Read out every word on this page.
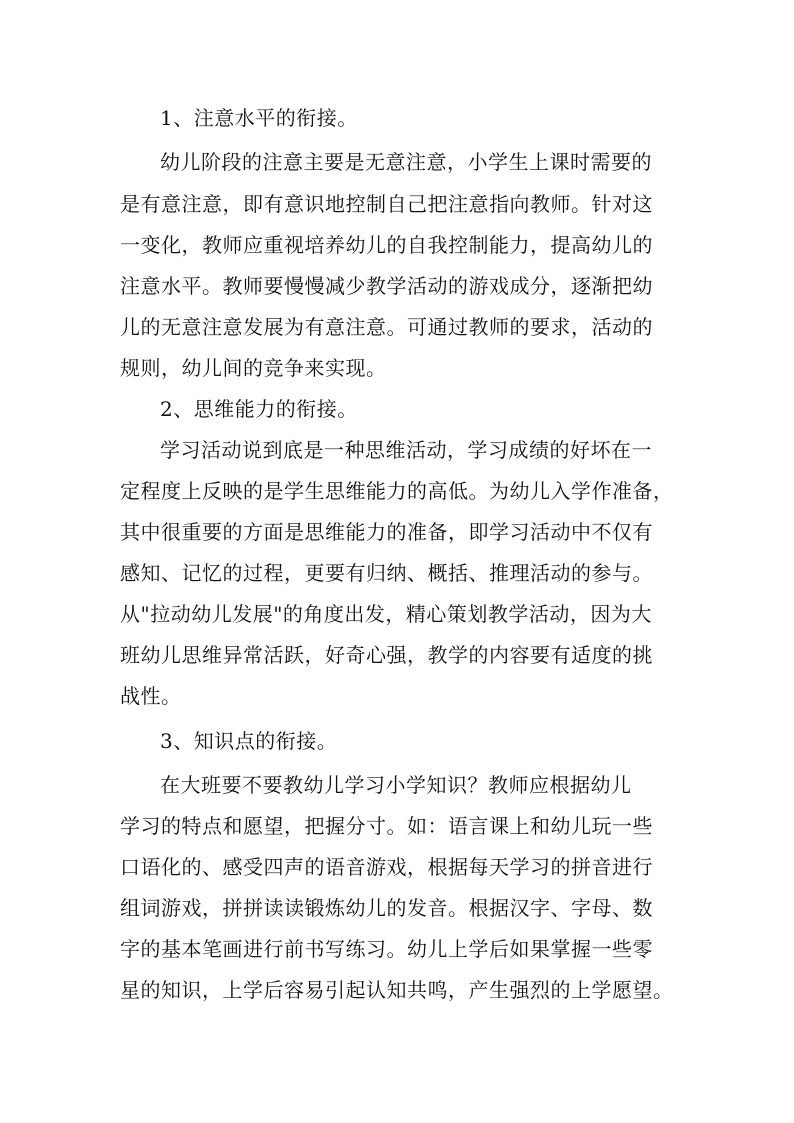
1、注意水平的衔接。
幼儿阶段的注意主要是无意注意，小学生上课时需要的
是有意注意，即有意识地控制自己把注意指向教师。针对这
一变化，教师应重视培养幼儿的自我控制能力，提高幼儿的
注意水平。教师要慢慢减少教学活动的游戏成分，逐渐把幼
儿的无意注意发展为有意注意。可通过教师的要求，活动的
规则，幼儿间的竞争来实现。
2、思维能力的衔接。
学习活动说到底是一种思维活动，学习成绩的好坏在一
定程度上反映的是学生思维能力的高低。为幼儿入学作准备，
其中很重要的方面是思维能力的准备，即学习活动中不仅有
感知、记忆的过程，更要有归纳、概括、推理活动的参与。
从"拉动幼儿发展"的角度出发，精心策划教学活动，因为大
班幼儿思维异常活跃，好奇心强，教学的内容要有适度的挑
战性。
3、知识点的衔接。
在大班要不要教幼儿学习小学知识？教师应根据幼儿
学习的特点和愿望，把握分寸。如：语言课上和幼儿玩一些
口语化的、感受四声的语音游戏，根据每天学习的拼音进行
组词游戏，拼拼读读锻炼幼儿的发音。根据汉字、字母、数
字的基本笔画进行前书写练习。幼儿上学后如果掌握一些零
星的知识，上学后容易引起认知共鸣，产生强烈的上学愿望。
